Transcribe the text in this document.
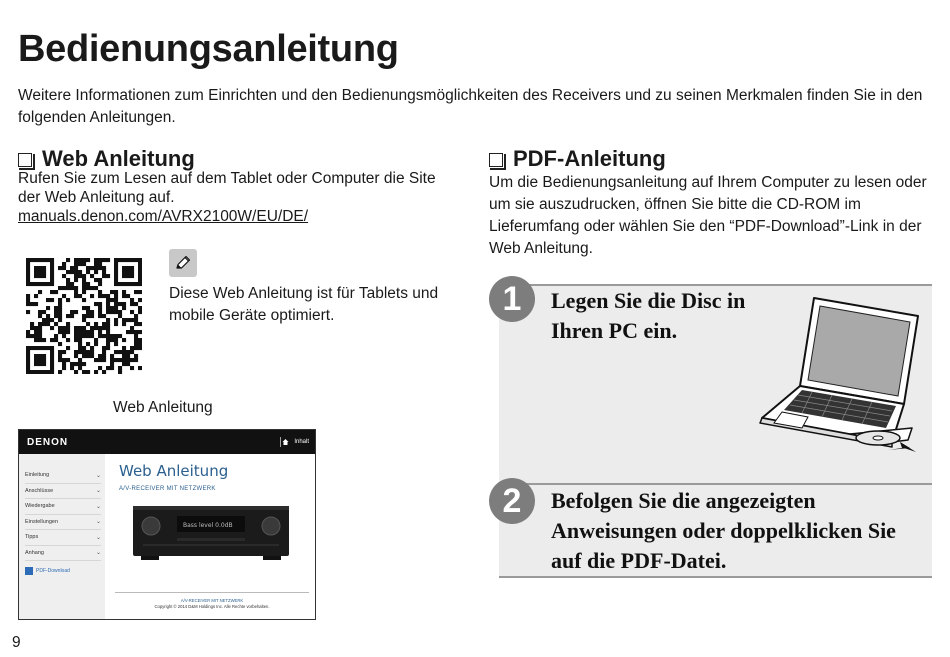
Bedienungsanleitung
Weitere Informationen zum Einrichten und den Bedienungsmöglichkeiten des Receivers und zu seinen Merkmalen finden Sie in den folgenden Anleitungen.
Web Anleitung
Rufen Sie zum Lesen auf dem Tablet oder Computer die Site der Web Anleitung auf.
manuals.denon.com/AVRX2100W/EU/DE/
Diese Web Anleitung ist für Tablets und mobile Geräte optimiert.
Web Anleitung
DENON	Inhalt
Einleitung	⌄
Anschlüsse	⌄
Wiedergabe	⌄
Einstellungen	⌄
Tipps	⌄
Anhang	⌄
PDF-Download
Web Anleitung
A/V-RECEIVER MIT NETZWERK
Bass level 0.0dB
A/V-RECEIVER MIT NETZWERK
Copyright © 2014 D&M Holdings Inc. Alle Rechte vorbehalten.
PDF-Anleitung
Um die Bedienungsanleitung auf Ihrem Computer zu lesen oder um sie auszudrucken, öffnen Sie bitte die CD-ROM im Lieferumfang oder wählen Sie den “PDF-Download”-Link in der Web Anleitung.
1	Legen Sie die Disc in Ihren PC ein.
2	Befolgen Sie die angezeigten Anweisungen oder doppelklicken Sie auf die PDF-Datei.
9
